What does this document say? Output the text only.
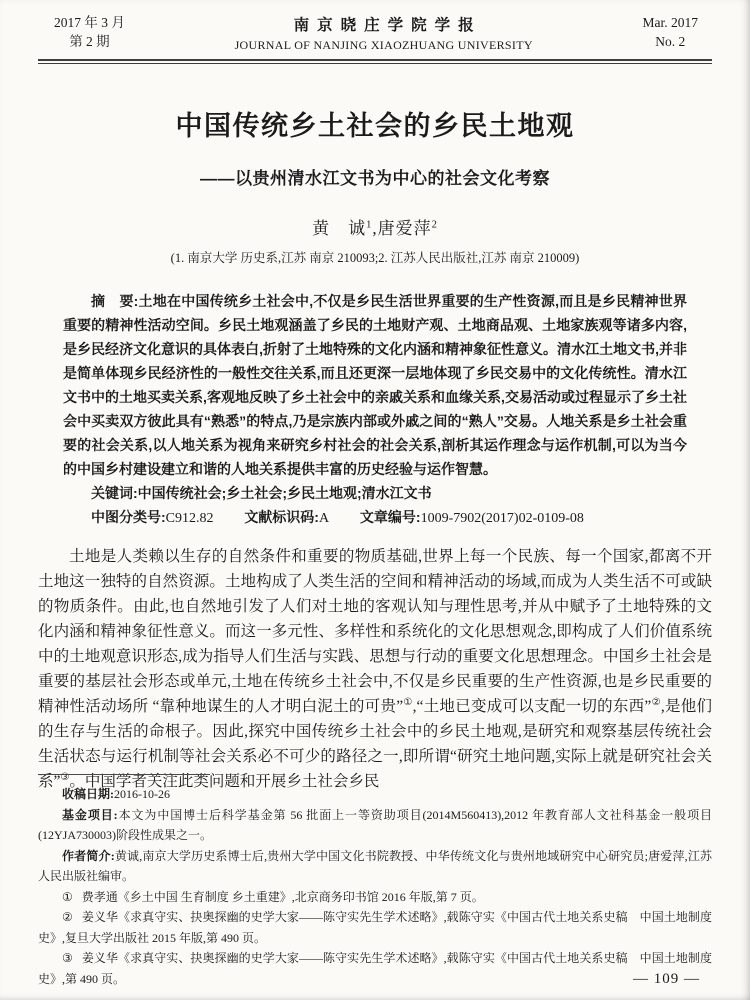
2017 年 3 月
第 2 期
南京晓庄学院学报
JOURNAL OF NANJING XIAOZHUANG UNIVERSITY
Mar. 2017
No. 2
中国传统乡土社会的乡民土地观
——以贵州清水江文书为中心的社会文化考察
黄　诚$^1$,唐爱萍$^2$
(1. 南京大学 历史系,江苏 南京 210093;2. 江苏人民出版社,江苏 南京 210009)

摘　要:土地在中国传统乡土社会中,不仅是乡民生活世界重要的生产性资源,而且是乡民精神世界重要的精神性活动空间。乡民土地观涵盖了乡民的土地财产观、土地商品观、土地家族观等诸多内容,是乡民经济文化意识的具体表白,折射了土地特殊的文化内涵和精神象征性意义。清水江土地文书,并非是简单体现乡民经济性的一般性交往关系,而且还更深一层地体现了乡民交易中的文化传统性。清水江文书中的土地买卖关系,客观地反映了乡土社会中的亲戚关系和血缘关系,交易活动或过程显示了乡土社会中买卖双方彼此具有“熟悉”的特点,乃是宗族内部或外戚之间的“熟人”交易。人地关系是乡土社会重要的社会关系,以人地关系为视角来研究乡村社会的社会关系,剖析其运作理念与运作机制,可以为当今的中国乡村建设建立和谐的人地关系提供丰富的历史经验与运作智慧。

关键词:中国传统社会;乡土社会;乡民土地观;清水江文书

中图分类号:C912.82 文献标识码:A 文章编号:1009-7902(2017)02-0109-08

土地是人类赖以生存的自然条件和重要的物质基础,世界上每一个民族、每一个国家,都离不开土地这一独特的自然资源。土地构成了人类生活的空间和精神活动的场域,而成为人类生活不可或缺的物质条件。由此,也自然地引发了人们对土地的客观认知与理性思考,并从中赋予了土地特殊的文化内涵和精神象征性意义。而这一多元性、多样性和系统化的文化思想观念,即构成了人们价值系统中的土地观意识形态,成为指导人们生活与实践、思想与行动的重要文化思想理念。中国乡土社会是重要的基层社会形态或单元,土地在传统乡土社会中,不仅是乡民重要的生产性资源,也是乡民重要的精神性活动场所 “靠种地谋生的人才明白泥土的可贵”①,“土地已变成可以支配一切的东西”②,是他们的生存与生活的命根子。因此,探究中国传统乡土社会中的乡民土地观,是研究和观察基层传统社会生活状态与运行机制等社会关系必不可少的路径之一,即所谓“研究土地问题,实际上就是研究社会关系”③。中国学者关注此类问题和开展乡土社会乡民

收稿日期:2016-10-26

基金项目:本文为中国博士后科学基金第 56 批面上一等资助项目(2014M560413),2012 年教育部人文社科基金一般项目(12YJA730003)阶段性成果之一。

作者简介:黄诚,南京大学历史系博士后,贵州大学中国文化书院教授、中华传统文化与贵州地域研究中心研究员;唐爱萍,江苏人民出版社编审。

① 费孝通《乡土中国 生育制度 乡土重建》,北京商务印书馆 2016 年版,第 7 页。

② 姜义华《求真守实、抉奥探幽的史学大家——陈守实先生学术述略》,载陈守实《中国古代土地关系史稿　中国土地制度史》,复旦大学出版社 2015 年版,第 490 页。

③ 姜义华《求真守实、抉奥探幽的史学大家——陈守实先生学术述略》,载陈守实《中国古代土地关系史稿　中国土地制度史》,第 490 页。	— 109 —
